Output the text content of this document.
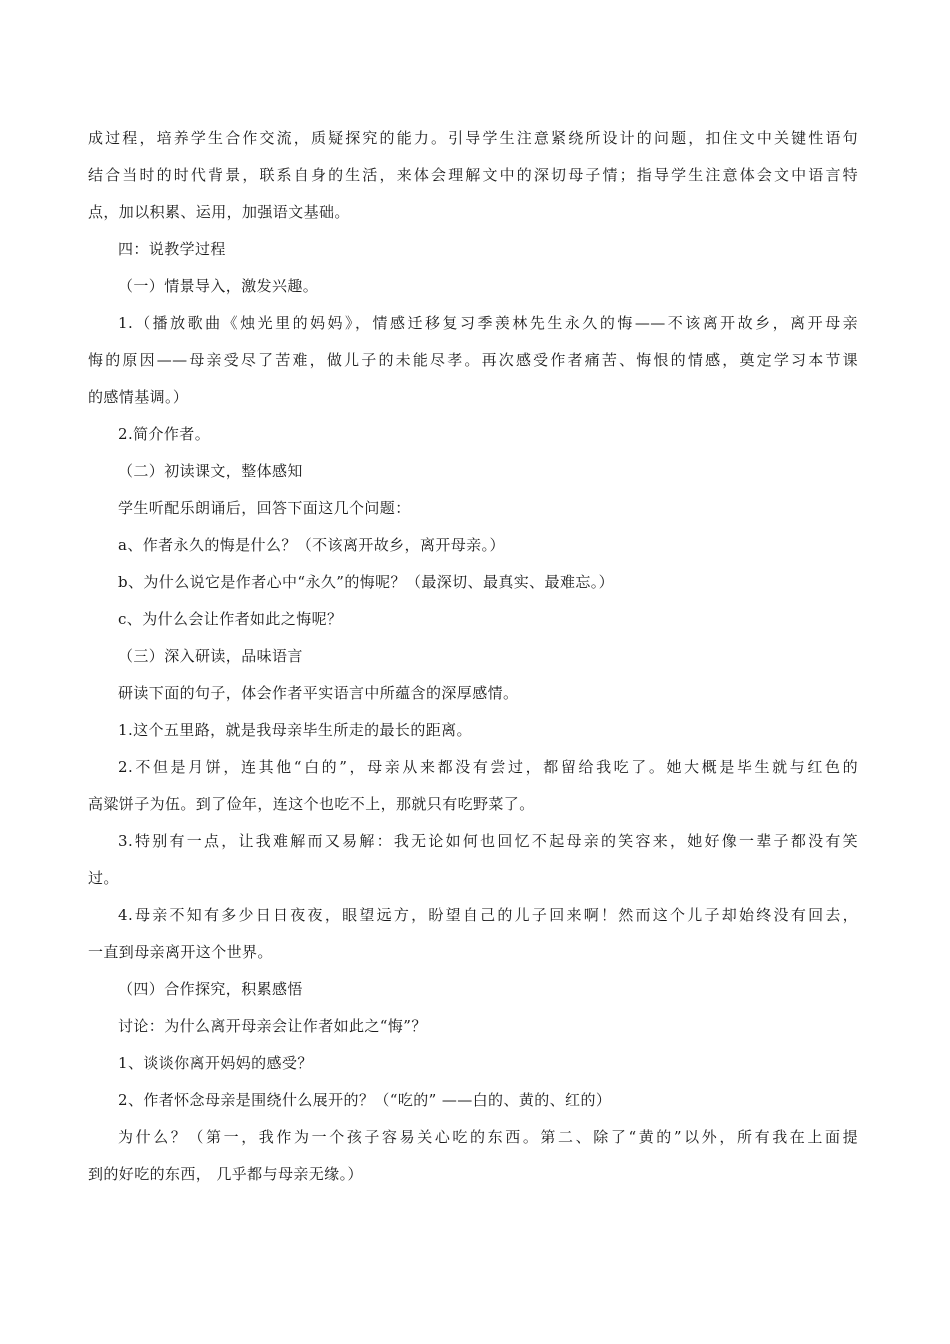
成过程，培养学生合作交流，质疑探究的能力。引导学生注意紧绕所设计的问题，扣住文中关键性语句
结合当时的时代背景，联系自身的生活，来体会理解文中的深切母子情；指导学生注意体会文中语言特
点，加以积累、运用，加强语文基础。
四：说教学过程
（一）情景导入，激发兴趣。
1.（播放歌曲《烛光里的妈妈》，情感迁移复习季羡林先生永久的悔——不该离开故乡，离开母亲
悔的原因——母亲受尽了苦难，做儿子的未能尽孝。再次感受作者痛苦、悔恨的情感，奠定学习本节课
的感情基调。）
2.简介作者。
（二）初读课文，整体感知
学生听配乐朗诵后，回答下面这几个问题：
a、作者永久的悔是什么？（不该离开故乡，离开母亲。）
b、为什么说它是作者心中“永久”的悔呢？（最深切、最真实、最难忘。）
c、为什么会让作者如此之悔呢？
（三）深入研读，品味语言
研读下面的句子，体会作者平实语言中所蕴含的深厚感情。
1.这个五里路，就是我母亲毕生所走的最长的距离。
2.不但是月饼，连其他“白的”，母亲从来都没有尝过，都留给我吃了。她大概是毕生就与红色的
高粱饼子为伍。到了俭年，连这个也吃不上，那就只有吃野菜了。
3.特别有一点，让我难解而又易解：我无论如何也回忆不起母亲的笑容来，她好像一辈子都没有笑
过。
4.母亲不知有多少日日夜夜，眼望远方，盼望自己的儿子回来啊！然而这个儿子却始终没有回去，
一直到母亲离开这个世界。
（四）合作探究，积累感悟
讨论：为什么离开母亲会让作者如此之“悔”？
1、谈谈你离开妈妈的感受？
2、作者怀念母亲是围绕什么展开的？（“吃的” ——白的、黄的、红的）
为什么？（第一，我作为一个孩子容易关心吃的东西。第二、除了“黄的”以外，所有我在上面提
到的好吃的东西， 几乎都与母亲无缘。）
